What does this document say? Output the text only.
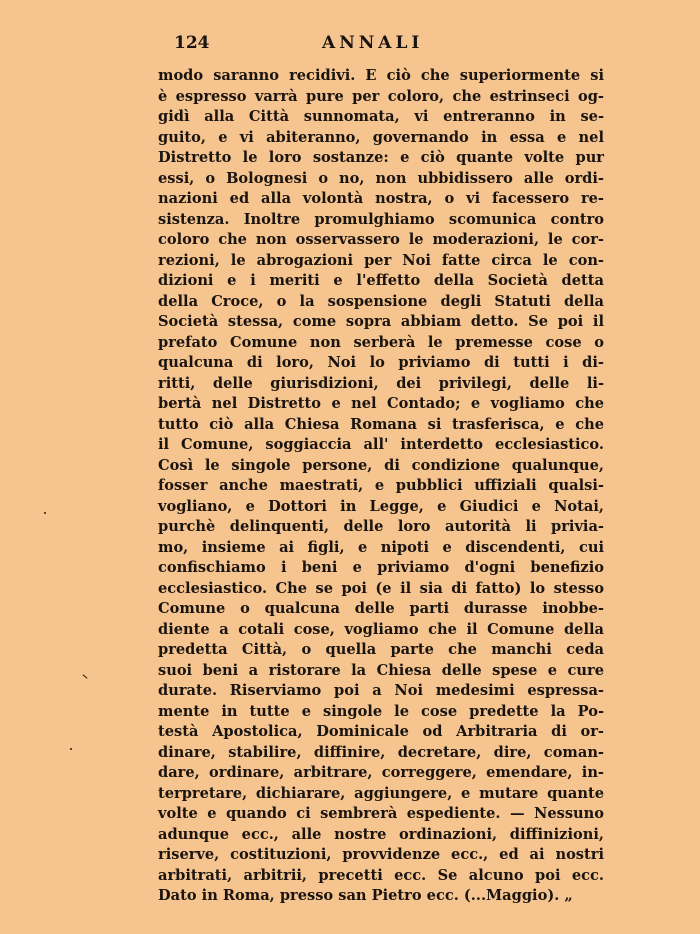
124	ANNALI
modo saranno recidivi. E ciò che superiormente si
è espresso varrà pure per coloro, che estrinseci og-
gidì alla Città sunnomata, vi entreranno in se-
guito, e vi abiteranno, governando in essa e nel
Distretto le loro sostanze: e ciò quante volte pur
essi, o Bolognesi o no, non ubbidissero alle ordi-
nazioni ed alla volontà nostra, o vi facessero re-
sistenza. Inoltre promulghiamo scomunica contro
coloro che non osservassero le moderazioni, le cor-
rezioni, le abrogazioni per Noi fatte circa le con-
dizioni e i meriti e l'effetto della Società detta
della Croce, o la sospensione degli Statuti della
Società stessa, come sopra abbiam detto. Se poi il
prefato Comune non serberà le premesse cose o
qualcuna di loro, Noi lo priviamo di tutti i di-
ritti, delle giurisdizioni, dei privilegi, delle li-
bertà nel Distretto e nel Contado; e vogliamo che
tutto ciò alla Chiesa Romana si trasferisca, e che
il Comune, soggiaccia all' interdetto ecclesiastico.
Così le singole persone, di condizione qualunque,
fosser anche maestrati, e pubblici uffiziali qualsi-
vogliano, e Dottori in Legge, e Giudici e Notai,
purchè delinquenti, delle loro autorità li privia-
mo, insieme ai figli, e nipoti e discendenti, cui
confischiamo i beni e priviamo d'ogni benefizio
ecclesiastico. Che se poi (e il sia di fatto) lo stesso
Comune o qualcuna delle parti durasse inobbe-
diente a cotali cose, vogliamo che il Comune della
predetta Città, o quella parte che manchi ceda
suoi beni a ristorare la Chiesa delle spese e cure
durate. Riserviamo poi a Noi medesimi espressa-
mente in tutte e singole le cose predette la Po-
testà Apostolica, Dominicale od Arbitraria di or-
dinare, stabilire, diffinire, decretare, dire, coman-
dare, ordinare, arbitrare, correggere, emendare, in-
terpretare, dichiarare, aggiungere, e mutare quante
volte e quando ci sembrerà espediente. — Nessuno
adunque ecc., alle nostre ordinazioni, diffinizioni,
riserve, costituzioni, provvidenze ecc., ed ai nostri
arbitrati, arbitrii, precetti ecc. Se alcuno poi ecc.
Dato in Roma, presso san Pietro ecc. (...Maggio). „
